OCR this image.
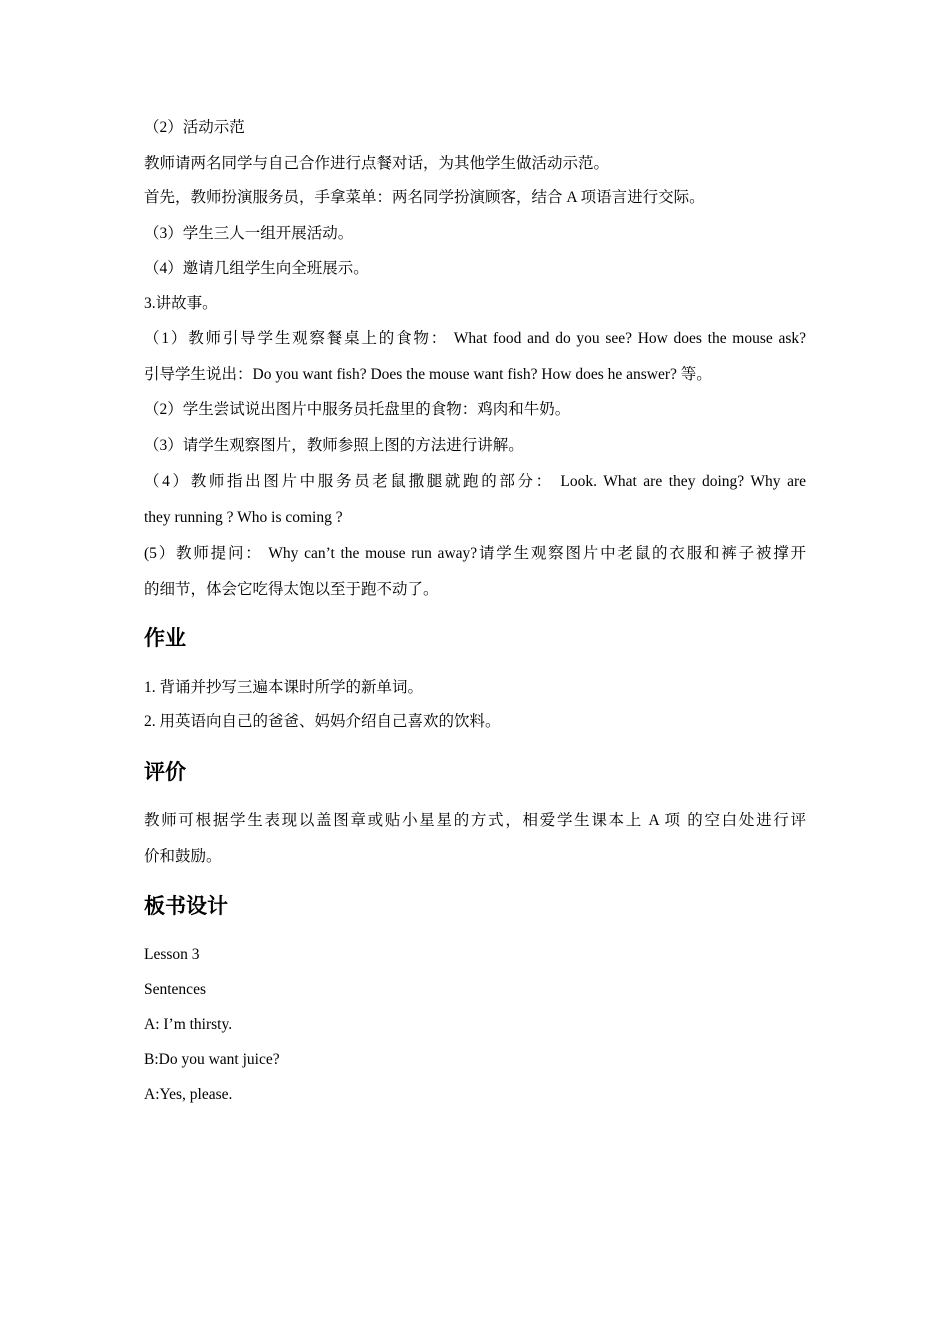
（2）活动示范
教师请两名同学与自己合作进行点餐对话，为其他学生做活动示范。
首先，教师扮演服务员，手拿菜单：两名同学扮演顾客，结合 A 项语言进行交际。
（3）学生三人一组开展活动。
（4）邀请几组学生向全班展示。
3.讲故事。
（1）教师引导学生观察餐桌上的食物： What food and do you see? How does the mouse ask?
引导学生说出：Do you want fish? Does the mouse want fish? How does he answer? 等。
（2）学生尝试说出图片中服务员托盘里的食物：鸡肉和牛奶。
（3）请学生观察图片，教师参照上图的方法进行讲解。
（4）教师指出图片中服务员老鼠撒腿就跑的部分： Look. What are they doing? Why are
they running ? Who is coming ?
(5）教师提问： Why can’t the mouse run away?请学生观察图片中老鼠的衣服和裤子被撑开
的细节，体会它吃得太饱以至于跑不动了。
作业
1. 背诵并抄写三遍本课时所学的新单词。
2. 用英语向自己的爸爸、妈妈介绍自己喜欢的饮料。
评价
教师可根据学生表现以盖图章或贴小星星的方式，相爱学生课本上 A 项 的空白处进行评
价和鼓励。
板书设计
Lesson 3
Sentences
A: I’m thirsty.
B:Do you want juice?
A:Yes, please.
